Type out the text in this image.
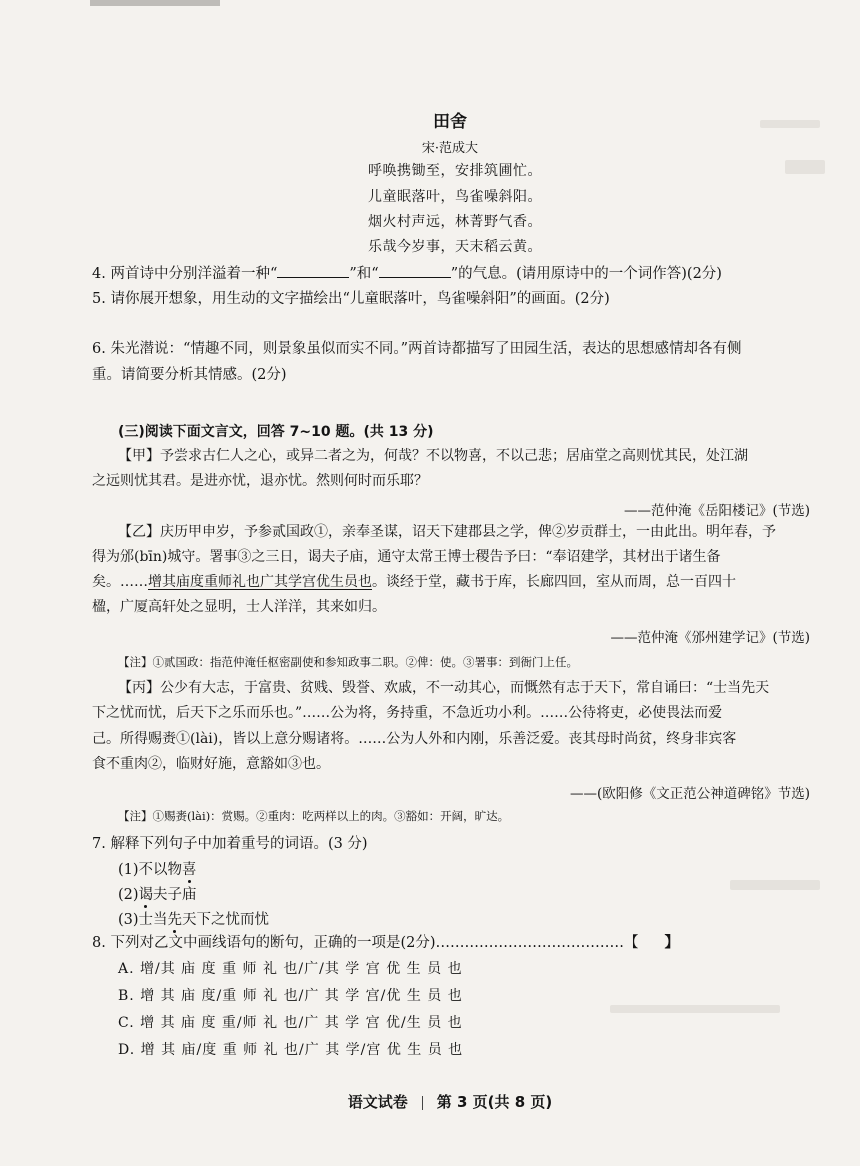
田舍
宋·范成大
呼唤携锄至，安排筑圃忙。
儿童眠落叶，鸟雀噪斜阳。
烟火村声远，林菁野气香。
乐哉今岁事，天末稻云黄。
4. 两首诗中分别洋溢着一种“	”和“	”的气息。(请用原诗中的一个词作答)(2分)
5. 请你展开想象，用生动的文字描绘出“儿童眠落叶，鸟雀噪斜阳”的画面。(2分)
6. 朱光潜说：“情趣不同，则景象虽似而实不同。”两首诗都描写了田园生活，表达的思想感情却各有侧
重。请简要分析其情感。(2分)
(三)阅读下面文言文，回答 7~10 题。(共 13 分)
【甲】予尝求古仁人之心，或异二者之为，何哉？不以物喜，不以己悲；居庙堂之高则忧其民，处江湖
之远则忧其君。是进亦忧，退亦忧。然则何时而乐耶？
——范仲淹《岳阳楼记》(节选)
【乙】庆历甲申岁，予参贰国政①，亲奉圣谋，诏天下建郡县之学，俾②岁贡群士，一由此出。明年春，予
得为邠(bīn)城守。署事③之三日，谒夫子庙，通守太常王博士稷告予曰：“奉诏建学，其材出于诸生备
矣。……增其庙度重师礼也广其学宫优生员也。谈经于堂，藏书于库，长廊四回，室从而周，总一百四十
楹，广厦高轩处之显明，士人洋洋，其来如归。
——范仲淹《邠州建学记》(节选)
【注】①贰国政：指范仲淹任枢密副使和参知政事二职。②俾：使。③署事：到衙门上任。
【丙】公少有大志，于富贵、贫贱、毁誉、欢戚，不一动其心，而慨然有志于天下，常自诵曰：“士当先天
下之忧而忧，后天下之乐而乐也。”……公为将，务持重，不急近功小利。……公待将吏，必使畏法而爱
己。所得赐赉①(lài)，皆以上意分赐诸将。……公为人外和内刚，乐善泛爱。丧其母时尚贫，终身非宾客
食不重肉②，临财好施，意豁如③也。
——(欧阳修《文正范公神道碑铭》节选)
【注】①赐赉(lài)：赏赐。②重肉：吃两样以上的肉。③豁如：开阔，旷达。
7. 解释下列句子中加着重号的词语。(3 分)
(1)不以物喜
(2)谒夫子庙
(3)士当先天下之忧而忧
8. 下列对乙文中画线语句的断句，正确的一项是(2分)…………………………………【 】
A. 增/其 庙 度 重 师 礼 也/广/其 学 宫 优 生 员 也
B. 增 其 庙 度/重 师 礼 也/广 其 学 宫/优 生 员 也
C. 增 其 庙 度 重/师 礼 也/广 其 学 宫 优/生 员 也
D. 增 其 庙/度 重 师 礼 也/广 其 学/宫 优 生 员 也
语文试卷 第 3 页(共 8 页)
